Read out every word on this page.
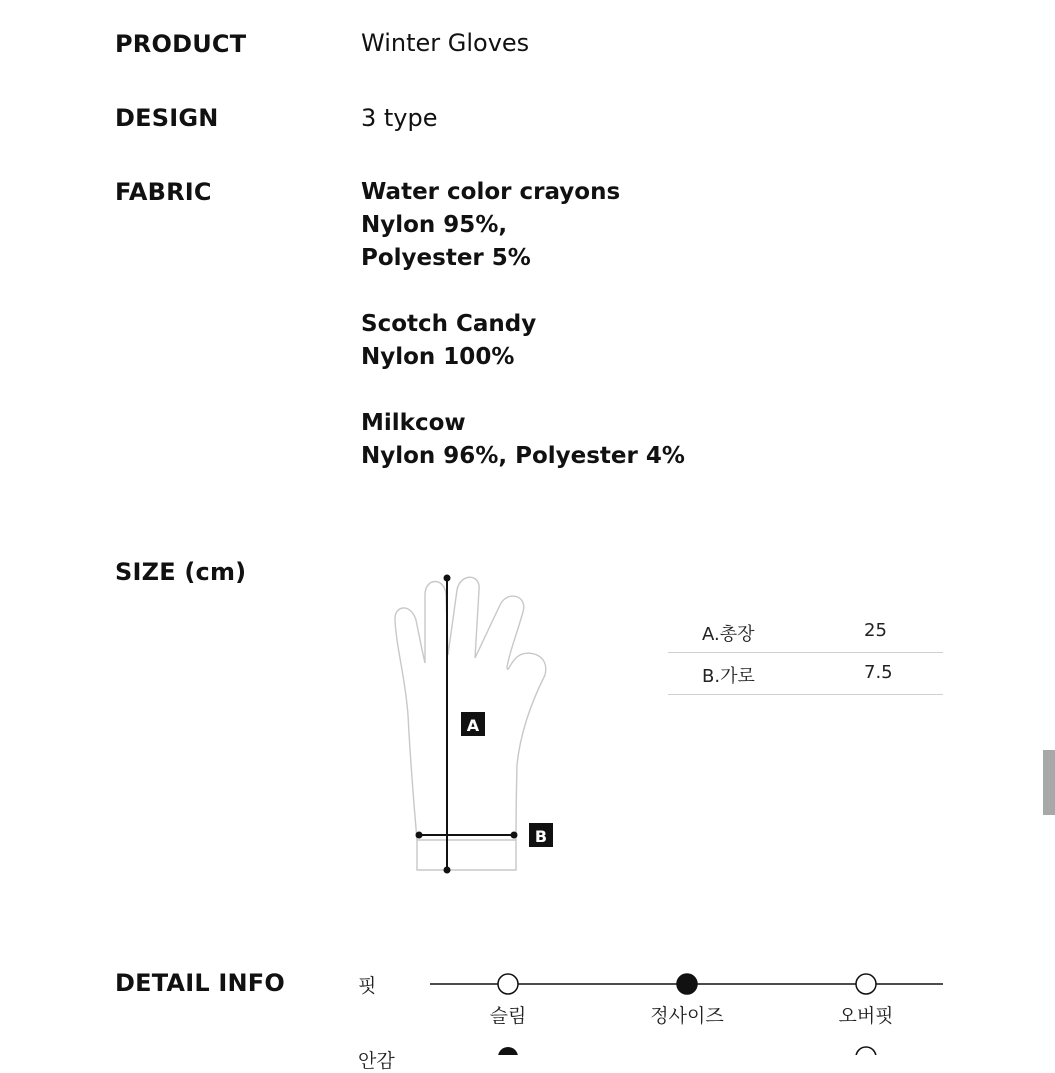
PRODUCT	Winter Gloves
DESIGN	3 type
FABRIC	Water color crayons
Nylon 95%,
Polyester 5%
Scotch Candy
Nylon 100%
Milkcow
Nylon 96%, Polyester 4%
SIZE (cm)
A
B
A.총장	25
B.가로	7.5
DETAIL INFO	핏
슬림	정사이즈	오버핏
안감
